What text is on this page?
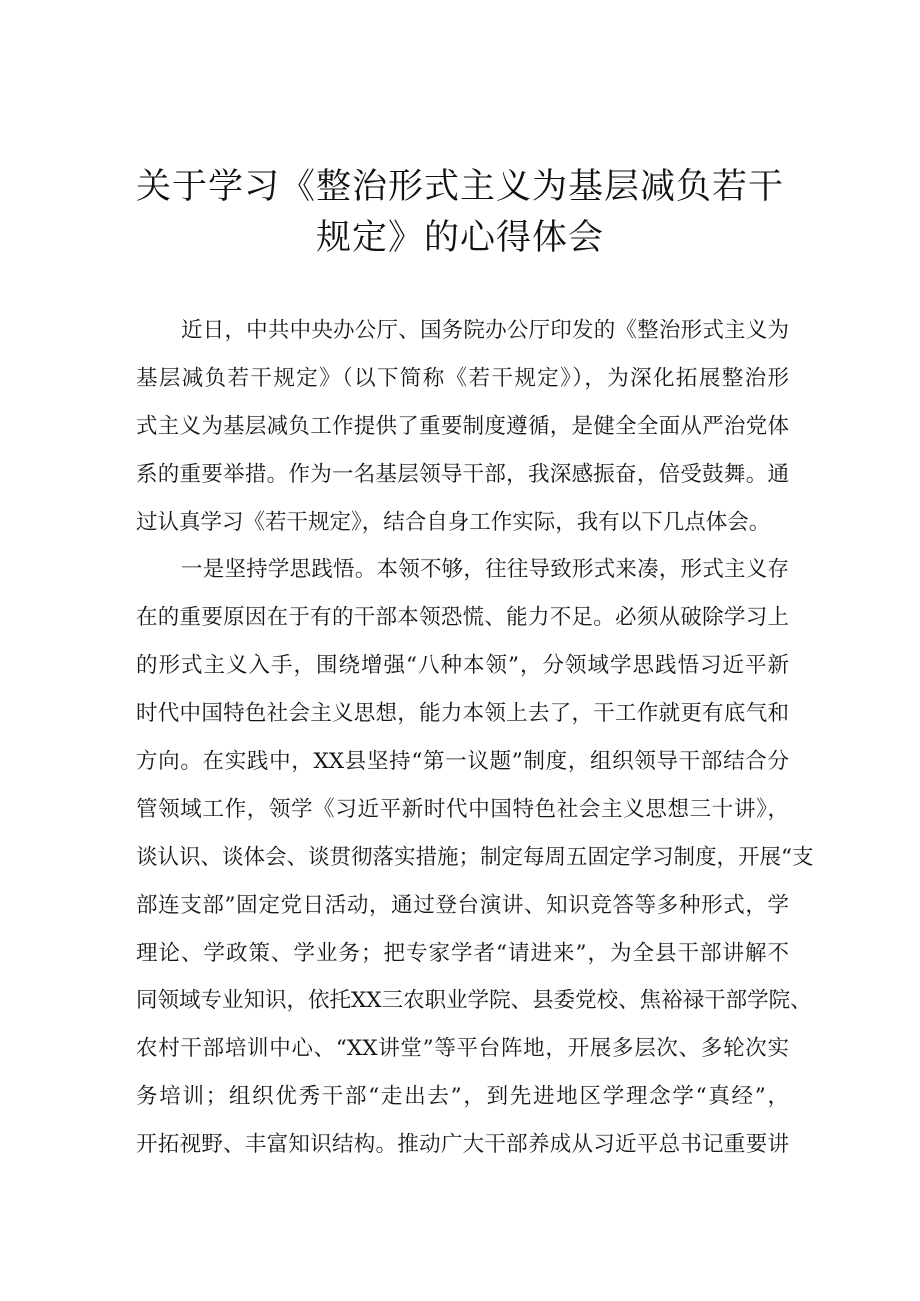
关于学习《整治形式主义为基层减负若干
规定》的心得体会
近日，中共中央办公厅、国务院办公厅印发的《整治形式主义为
基层减负若干规定》（以下简称《若干规定》），为深化拓展整治形
式主义为基层减负工作提供了重要制度遵循，是健全全面从严治党体
系的重要举措。作为一名基层领导干部，我深感振奋，倍受鼓舞。通
过认真学习《若干规定》，结合自身工作实际，我有以下几点体会。
一是坚持学思践悟。本领不够，往往导致形式来凑，形式主义存
在的重要原因在于有的干部本领恐慌、能力不足。必须从破除学习上
的形式主义入手，围绕增强“八种本领”，分领域学思践悟习近平新
时代中国特色社会主义思想，能力本领上去了，干工作就更有底气和
方向。在实践中，XX县坚持“第一议题”制度，组织领导干部结合分
管领域工作，领学《习近平新时代中国特色社会主义思想三十讲》，
谈认识、谈体会、谈贯彻落实措施；制定每周五固定学习制度，开展“支
部连支部”固定党日活动，通过登台演讲、知识竞答等多种形式，学
理论、学政策、学业务；把专家学者“请进来”，为全县干部讲解不
同领域专业知识，依托XX三农职业学院、县委党校、焦裕禄干部学院、
农村干部培训中心、“XX讲堂”等平台阵地，开展多层次、多轮次实
务培训；组织优秀干部“走出去”，到先进地区学理念学“真经”，
开拓视野、丰富知识结构。推动广大干部养成从习近平总书记重要讲
